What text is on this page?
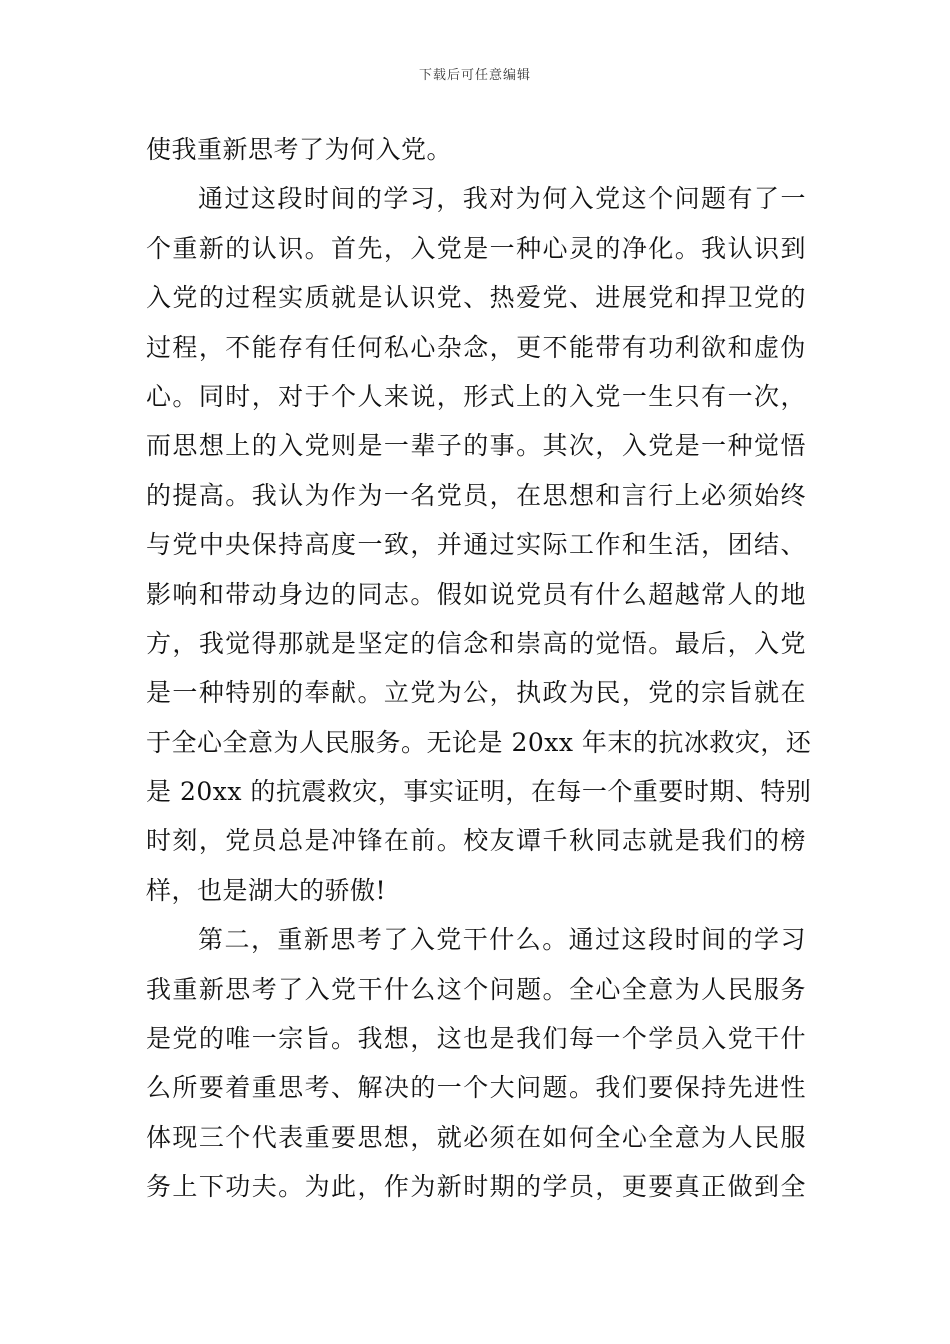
下载后可任意编辑
使我重新思考了为何入党。
通过这段时间的学习，我对为何入党这个问题有了一
个重新的认识。首先，入党是一种心灵的净化。我认识到
入党的过程实质就是认识党、热爱党、进展党和捍卫党的
过程，不能存有任何私心杂念，更不能带有功利欲和虚伪
心。同时，对于个人来说，形式上的入党一生只有一次，
而思想上的入党则是一辈子的事。其次，入党是一种觉悟
的提高。我认为作为一名党员，在思想和言行上必须始终
与党中央保持高度一致，并通过实际工作和生活，团结、
影响和带动身边的同志。假如说党员有什么超越常人的地
方，我觉得那就是坚定的信念和崇高的觉悟。最后，入党
是一种特别的奉献。立党为公，执政为民，党的宗旨就在
于全心全意为人民服务。无论是 20xx 年末的抗冰救灾，还
是 20xx 的抗震救灾，事实证明，在每一个重要时期、特别
时刻，党员总是冲锋在前。校友谭千秋同志就是我们的榜
样，也是湖大的骄傲!
第二，重新思考了入党干什么。通过这段时间的学习
我重新思考了入党干什么这个问题。全心全意为人民服务
是党的唯一宗旨。我想，这也是我们每一个学员入党干什
么所要着重思考、解决的一个大问题。我们要保持先进性
体现三个代表重要思想，就必须在如何全心全意为人民服
务上下功夫。为此，作为新时期的学员，更要真正做到全
